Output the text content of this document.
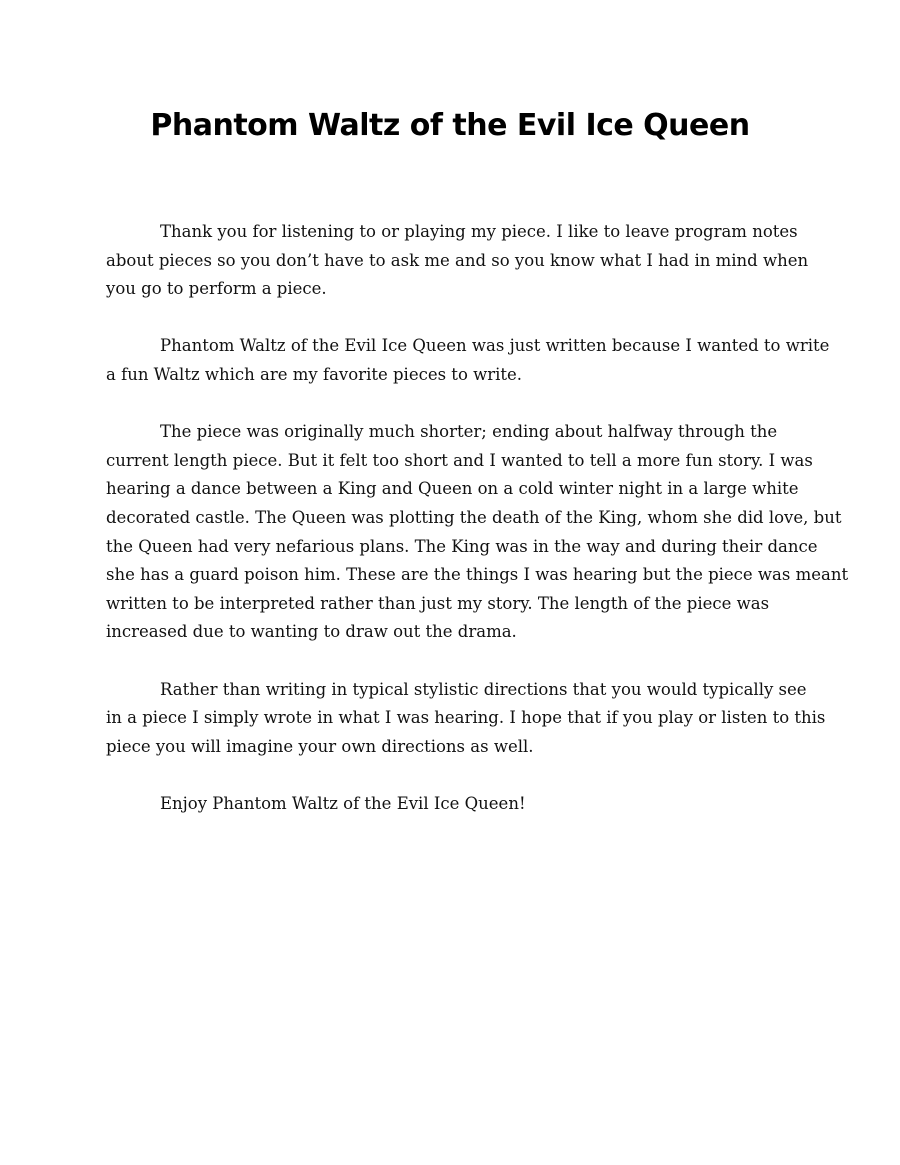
Phantom Waltz of the Evil Ice Queen

Thank you for listening to or playing my piece. I like to leave program notes
about pieces so you don’t have to ask me and so you know what I had in mind when
you go to perform a piece.

Phantom Waltz of the Evil Ice Queen was just written because I wanted to write
a fun Waltz which are my favorite pieces to write.

The piece was originally much shorter; ending about halfway through the
current length piece. But it felt too short and I wanted to tell a more fun story. I was
hearing a dance between a King and Queen on a cold winter night in a large white
decorated castle. The Queen was plotting the death of the King, whom she did love, but
the Queen had very nefarious plans. The King was in the way and during their dance
she has a guard poison him. These are the things I was hearing but the piece was meant
written to be interpreted rather than just my story. The length of the piece was
increased due to wanting to draw out the drama.

Rather than writing in typical stylistic directions that you would typically see
in a piece I simply wrote in what I was hearing. I hope that if you play or listen to this
piece you will imagine your own directions as well.

Enjoy Phantom Waltz of the Evil Ice Queen!
